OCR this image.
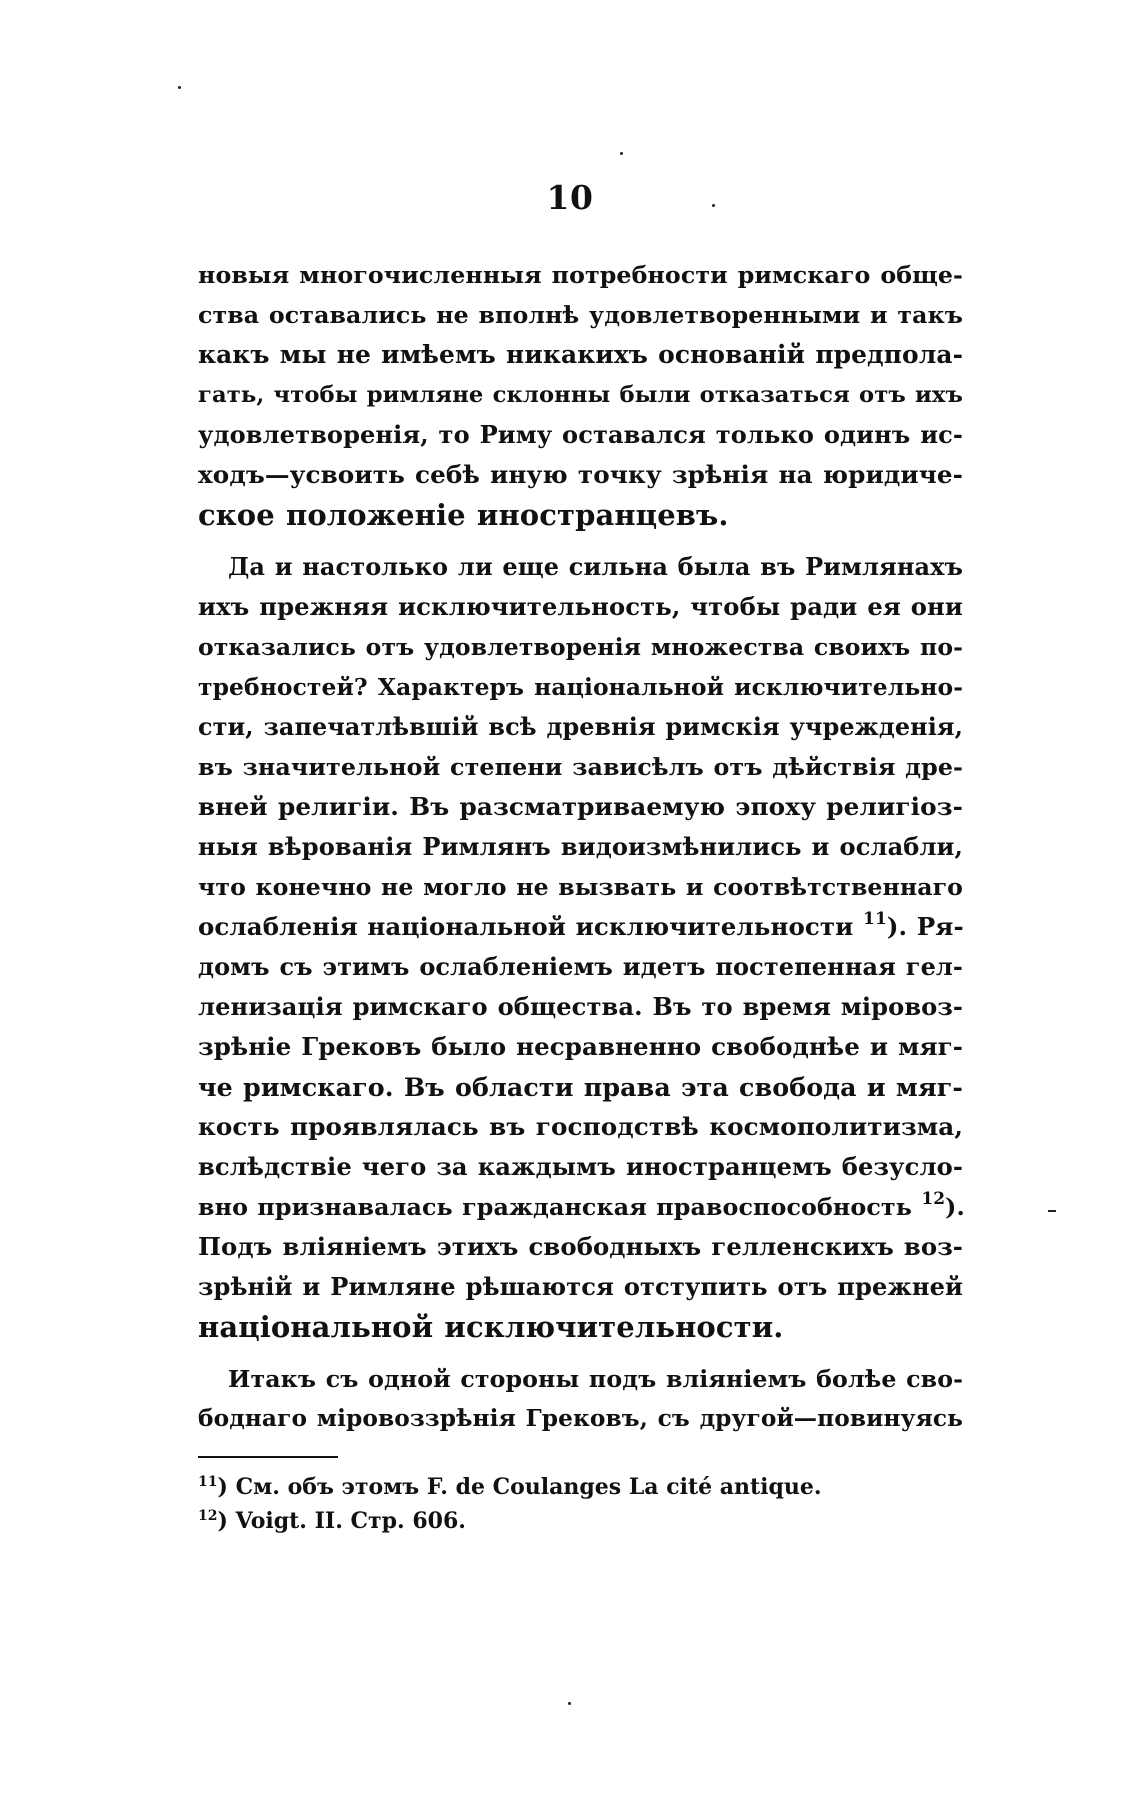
10
новыя многочисленныя потребности римскаго обще-
ства оставались не вполнѣ удовлетворенными и такъ
какъ мы не имѣемъ никакихъ основаній предпола-
гать, чтобы римляне склонны были отказаться отъ ихъ
удовлетворенія, то Риму оставался только одинъ ис-
ходъ—усвоить себѣ иную точку зрѣнія на юридиче-
ское положеніе иностранцевъ.
Да и настолько ли еще сильна была въ Римлянахъ
ихъ прежняя исключительность, чтобы ради ея они
отказались отъ удовлетворенія множества своихъ по-
требностей? Характеръ національной исключительно-
сти, запечатлѣвшій всѣ древнія римскія учрежденія,
въ значительной степени зависѣлъ отъ дѣйствія дре-
вней религіи. Въ разсматриваемую эпоху религіоз-
ныя вѣрованія Римлянъ видоизмѣнились и ослабли,
что конечно не могло не вызвать и соотвѣтственнаго
ослабленія національной исключительности $^{11}$). Ря-
домъ съ этимъ ослабленіемъ идетъ постепенная гел-
ленизація римскаго общества. Въ то время міровоз-
зрѣніе Грековъ было несравненно свободнѣе и мяг-
че римскаго. Въ области права эта свобода и мяг-
кость проявлялась въ господствѣ космополитизма,
вслѣдствіе чего за каждымъ иностранцемъ безусло-
вно признавалась гражданская правоспособность $^{12}$).
Подъ вліяніемъ этихъ свободныхъ гелленскихъ воз-
зрѣній и Римляне рѣшаются отступить отъ прежней
національной исключительности.
Итакъ съ одной стороны подъ вліяніемъ болѣе сво-
боднаго міровоззрѣнія Грековъ, съ другой—повинуясь
$^{11}$) См. объ этомъ F. de Coulanges La cité antique.
$^{12}$) Voigt. II. Стр. 606.
